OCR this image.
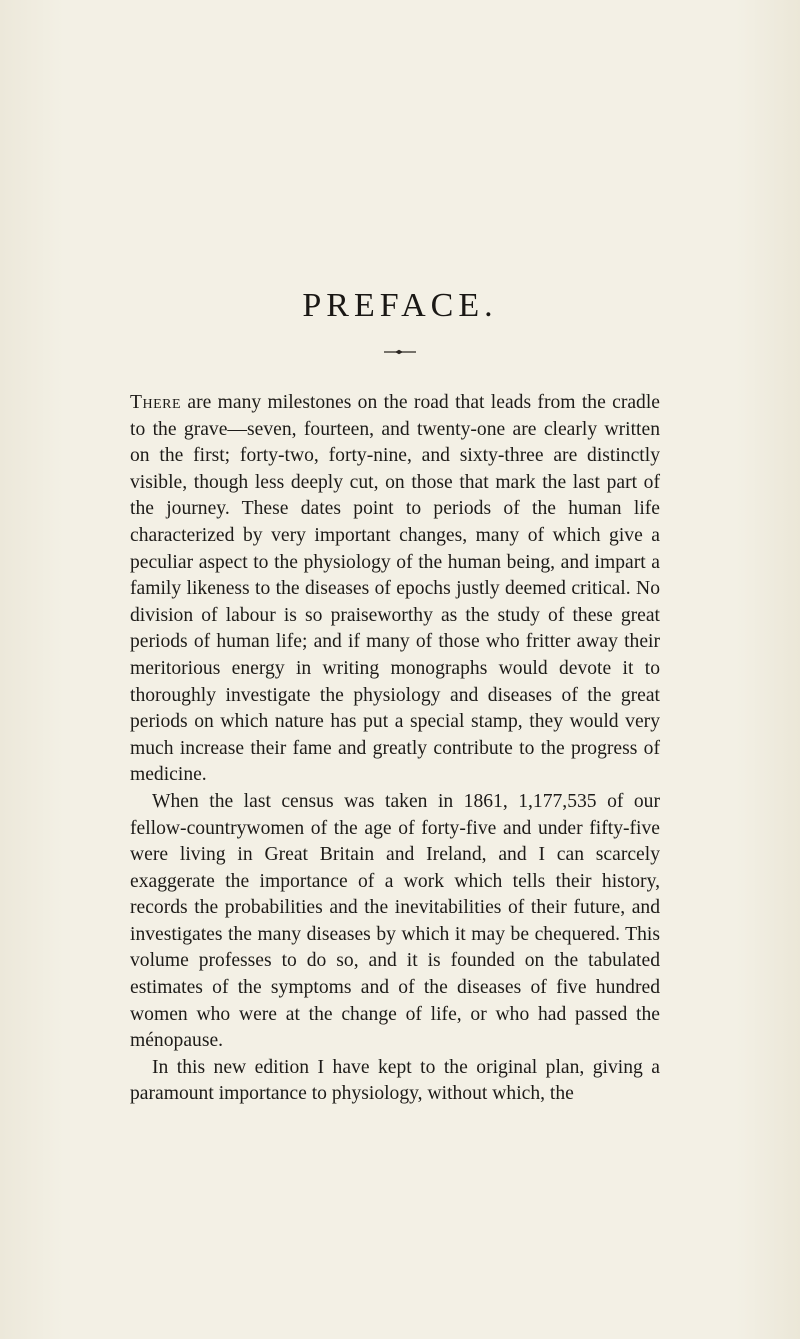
PREFACE.

There are many milestones on the road that leads from the cradle to the grave—seven, fourteen, and twenty-one are clearly written on the first; forty-two, forty-nine, and sixty-three are distinctly visible, though less deeply cut, on those that mark the last part of the journey. These dates point to periods of the human life characterized by very important changes, many of which give a peculiar aspect to the physiology of the human being, and impart a family likeness to the diseases of epochs justly deemed critical. No division of labour is so praiseworthy as the study of these great periods of human life; and if many of those who fritter away their meritorious energy in writing monographs would devote it to thoroughly investigate the physiology and diseases of the great periods on which nature has put a special stamp, they would very much increase their fame and greatly contribute to the progress of medicine.

When the last census was taken in 1861, 1,177,535 of our fellow-countrywomen of the age of forty-five and under fifty-five were living in Great Britain and Ireland, and I can scarcely exaggerate the importance of a work which tells their history, records the probabilities and the inevitabilities of their future, and investigates the many diseases by which it may be chequered. This volume professes to do so, and it is founded on the tabulated estimates of the symptoms and of the diseases of five hundred women who were at the change of life, or who had passed the ménopause.

In this new edition I have kept to the original plan, giving a paramount importance to physiology, without which, the
